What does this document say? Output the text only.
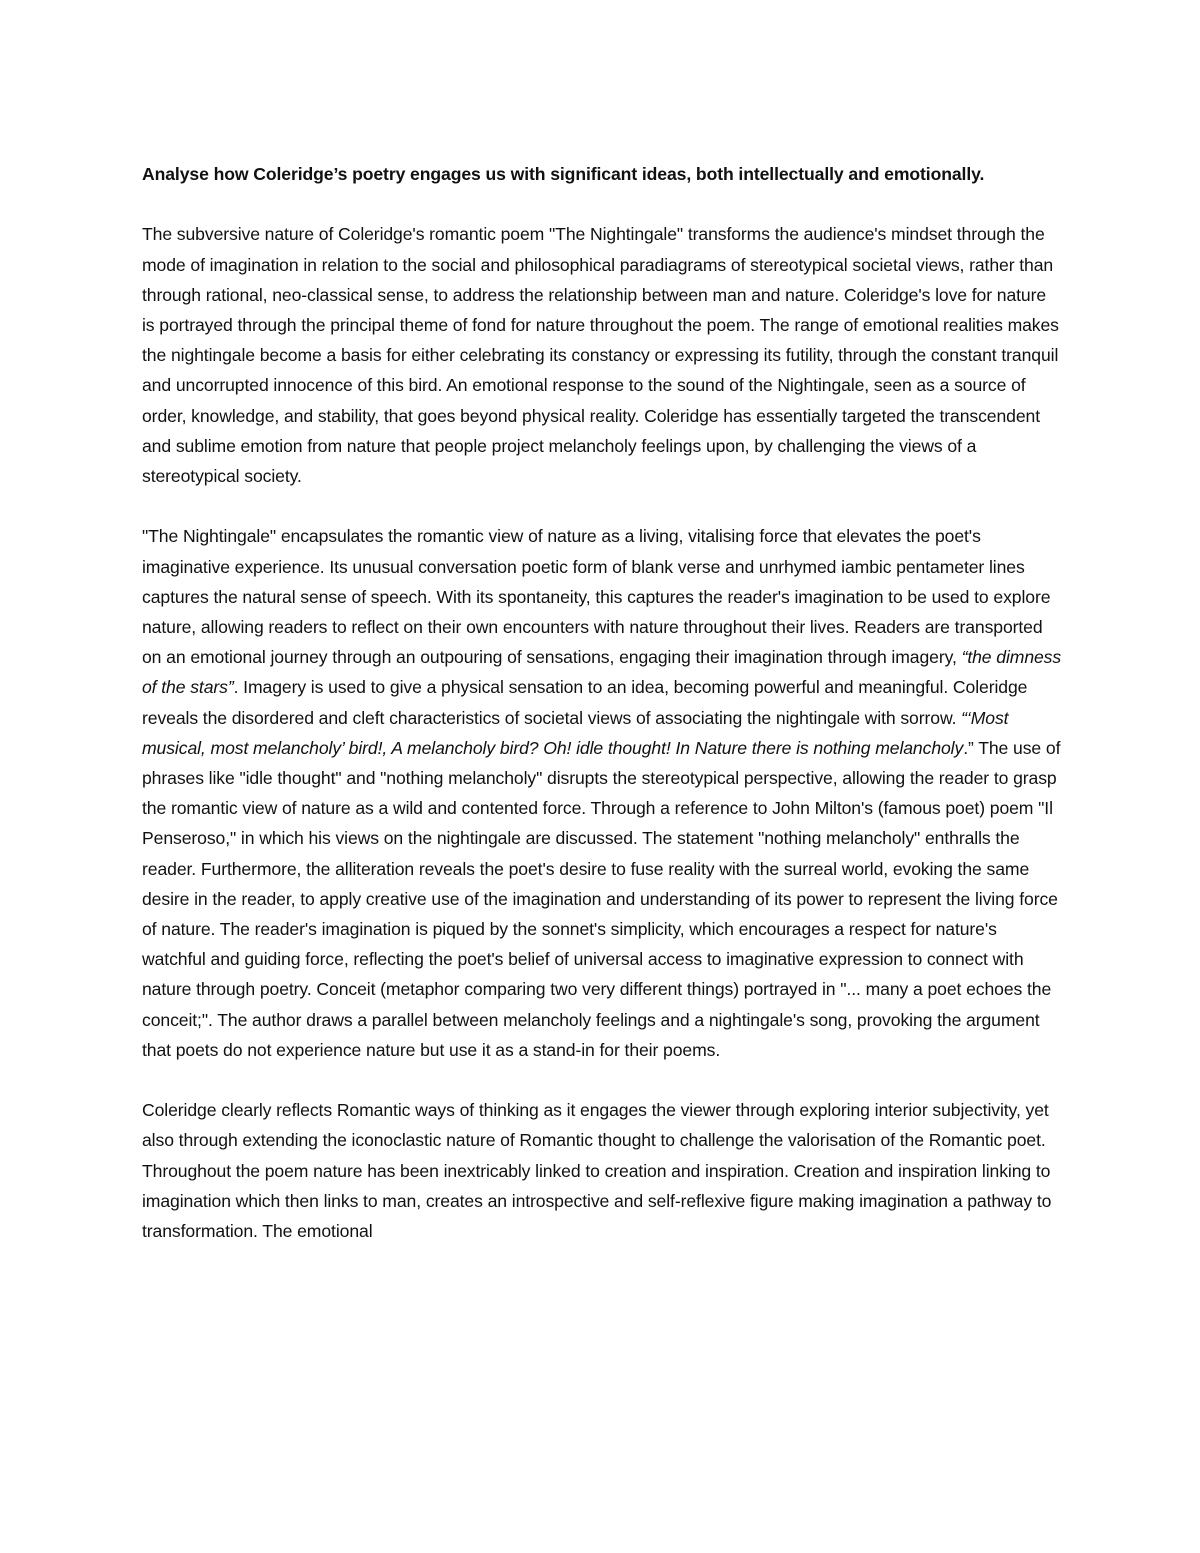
Analyse how Coleridge’s poetry engages us with significant ideas, both intellectually and emotionally.

The subversive nature of Coleridge's romantic poem "The Nightingale" transforms the audience's mindset through the mode of imagination in relation to the social and philosophical paradiagrams of stereotypical societal views, rather than through rational, neo-classical sense, to address the relationship between man and nature. Coleridge's love for nature is portrayed through the principal theme of fond for nature throughout the poem. The range of emotional realities makes the nightingale become a basis for either celebrating its constancy or expressing its futility, through the constant tranquil and uncorrupted innocence of this bird. An emotional response to the sound of the Nightingale, seen as a source of order, knowledge, and stability, that goes beyond physical reality. Coleridge has essentially targeted the transcendent and sublime emotion from nature that people project melancholy feelings upon, by challenging the views of a stereotypical society.

"The Nightingale" encapsulates the romantic view of nature as a living, vitalising force that elevates the poet's imaginative experience. Its unusual conversation poetic form of blank verse and unrhymed iambic pentameter lines captures the natural sense of speech. With its spontaneity, this captures the reader's imagination to be used to explore nature, allowing readers to reflect on their own encounters with nature throughout their lives. Readers are transported on an emotional journey through an outpouring of sensations, engaging their imagination through imagery, “the dimness of the stars”. Imagery is used to give a physical sensation to an idea, becoming powerful and meaningful. Coleridge reveals the disordered and cleft characteristics of societal views of associating the nightingale with sorrow. “‘Most musical, most melancholy’ bird!, A melancholy bird? Oh! idle thought! In Nature there is nothing melancholy.” The use of phrases like "idle thought" and "nothing melancholy" disrupts the stereotypical perspective, allowing the reader to grasp the romantic view of nature as a wild and contented force. Through a reference to John Milton's (famous poet) poem "Il Penseroso," in which his views on the nightingale are discussed. The statement "nothing melancholy" enthralls the reader. Furthermore, the alliteration reveals the poet's desire to fuse reality with the surreal world, evoking the same desire in the reader, to apply creative use of the imagination and understanding of its power to represent the living force of nature. The reader's imagination is piqued by the sonnet's simplicity, which encourages a respect for nature's watchful and guiding force, reflecting the poet's belief of universal access to imaginative expression to connect with nature through poetry. Conceit (metaphor comparing two very different things) portrayed in "... many a poet echoes the conceit;". The author draws a parallel between melancholy feelings and a nightingale's song, provoking the argument that poets do not experience nature but use it as a stand-in for their poems.

Coleridge clearly reflects Romantic ways of thinking as it engages the viewer through exploring interior subjectivity, yet also through extending the iconoclastic nature of Romantic thought to challenge the valorisation of the Romantic poet. Throughout the poem nature has been inextricably linked to creation and inspiration. Creation and inspiration linking to imagination which then links to man, creates an introspective and self-reflexive figure making imagination a pathway to transformation. The emotional
